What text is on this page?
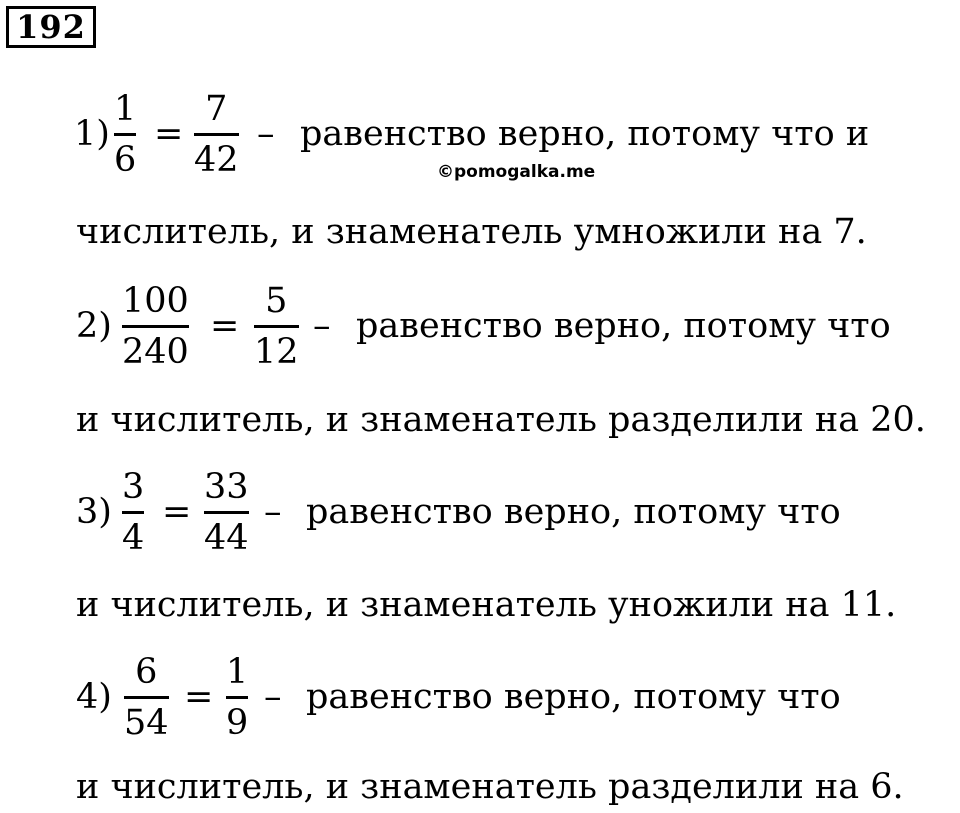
192
1)
1
6
=
7
42
– равенство верно, потому что и
числитель, и знаменатель умножили на 7.
2)
100
240
=
5
12
– равенство верно, потому что
и числитель, и знаменатель разделили на 20.
3)
3
4
=
33
44
– равенство верно, потому что
и числитель, и знаменатель уножили на 11.
4)
6
54
=
1
9
– равенство верно, потому что
и числитель, и знаменатель разделили на 6.
©pomogalka.me
